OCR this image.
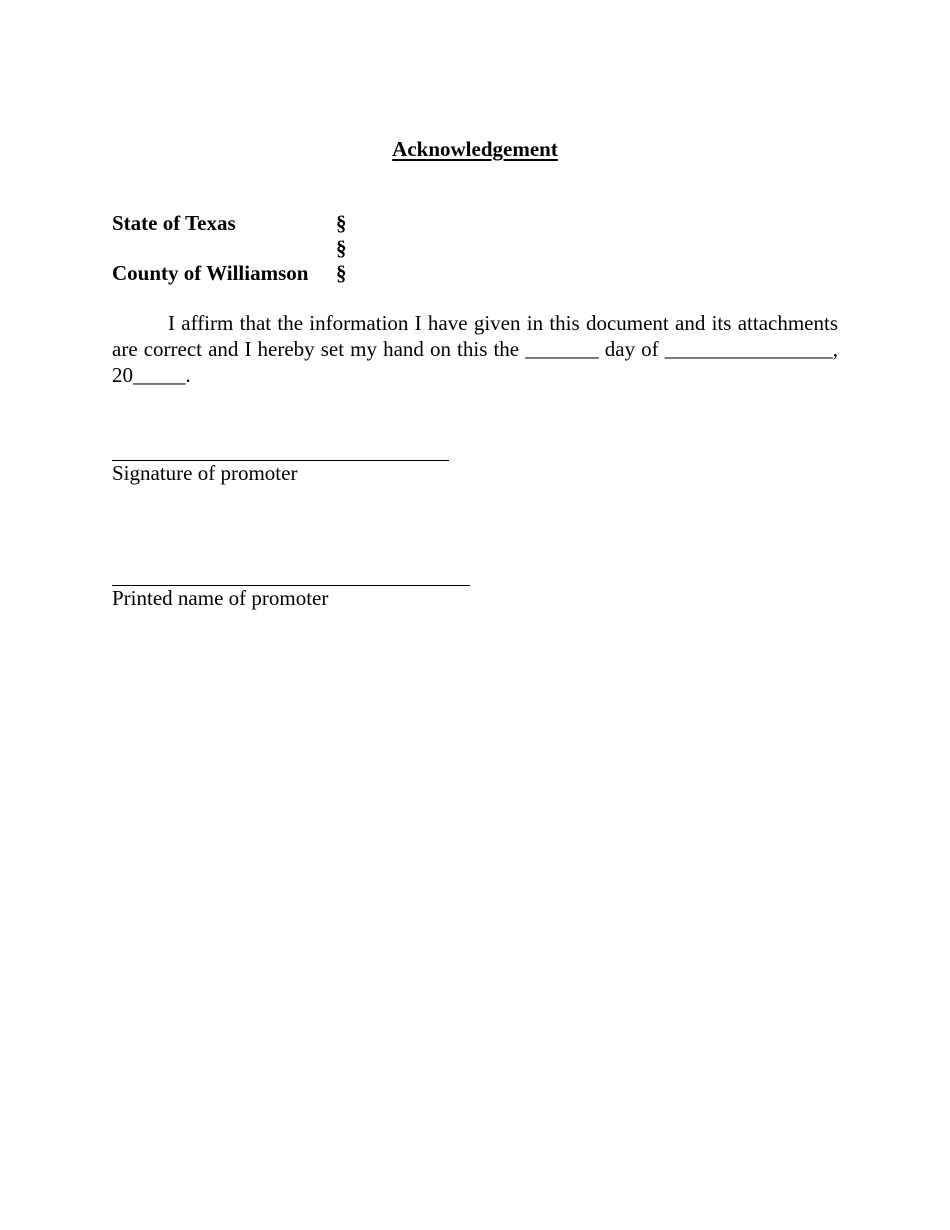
Acknowledgement
State of Texas	§
§
County of Williamson §

I affirm that the information I have given in this document and its attachments are correct and I hereby set my hand on this the _______ day of ________________, 20_____.

Signature of promoter
Printed name of promoter
